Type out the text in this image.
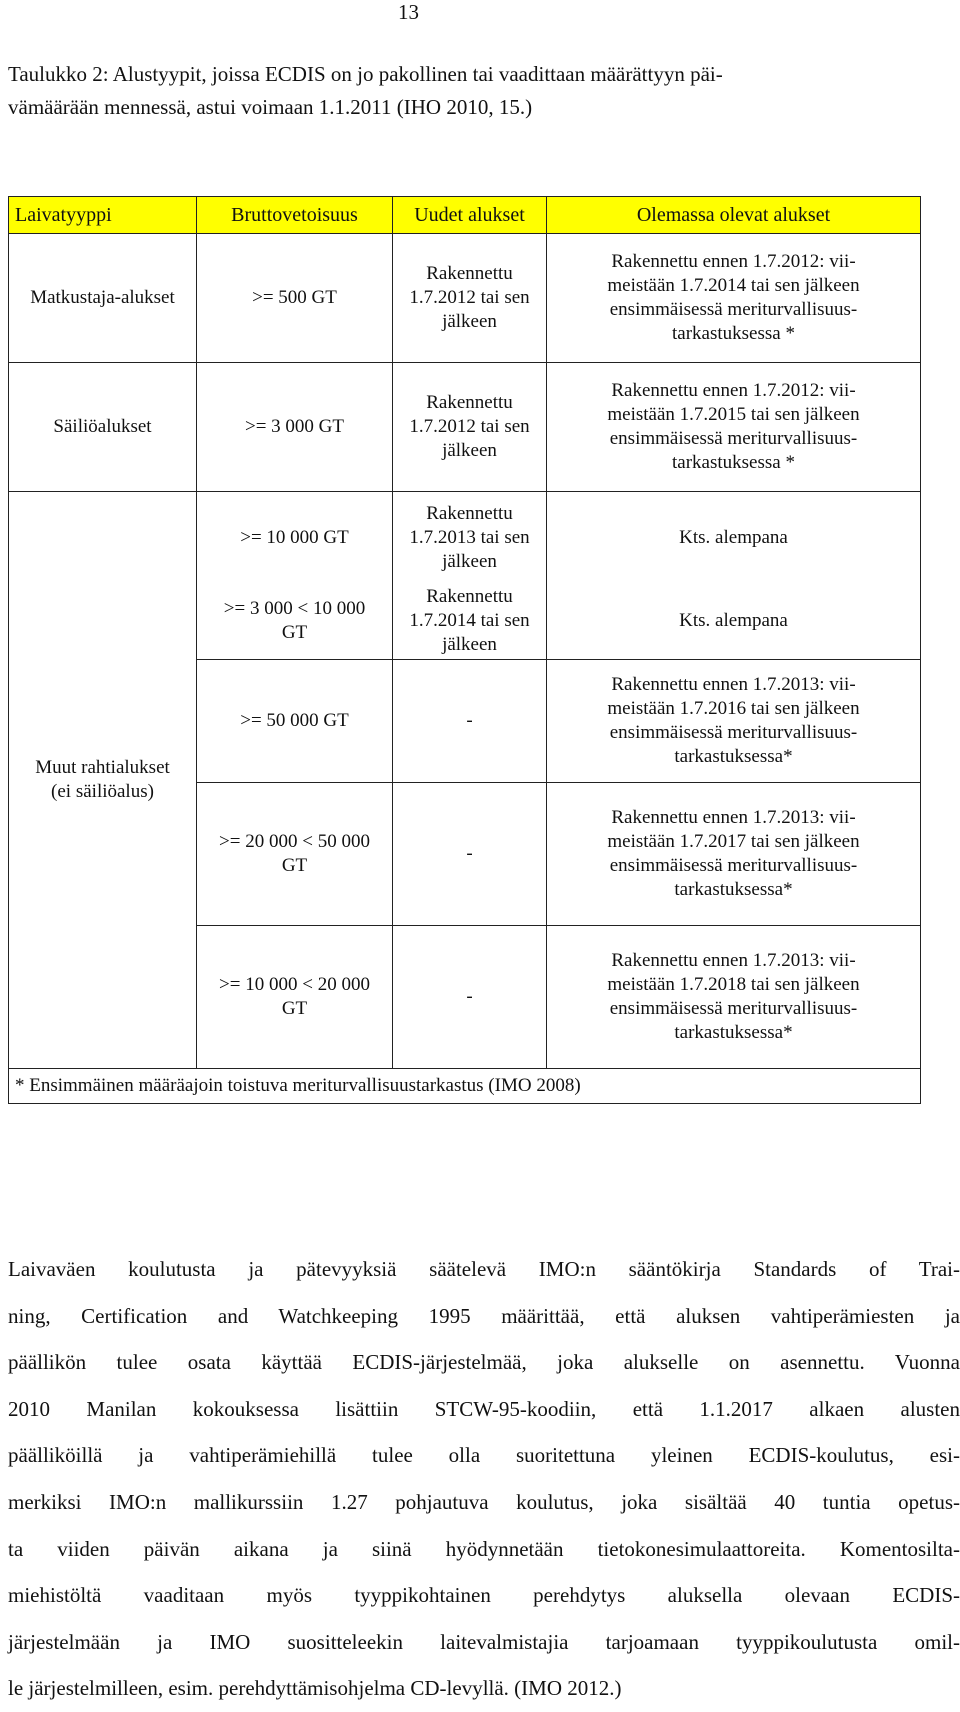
13
Taulukko 2: Alustyypit, joissa ECDIS on jo pakollinen tai vaadittaan määrättyyn päi-
vämäärään mennessä, astui voimaan 1.1.2011 (IHO 2010, 15.)
Laivatyyppi	Bruttovetoisuus	Uudet alukset	Olemassa olevat alukset
Matkustaja-alukset	>= 500 GT	Rakennettu
1.7.2012 tai sen
jälkeen	Rakennettu ennen 1.7.2012: vii-
meistään 1.7.2014 tai sen jälkeen
ensimmäisessä meriturvallisuus-
tarkastuksessa *

Säiliöalukset	>= 3 000 GT	Rakennettu
1.7.2012 tai sen
jälkeen	Rakennettu ennen 1.7.2012: vii-
meistään 1.7.2015 tai sen jälkeen
ensimmäisessä meriturvallisuus-
tarkastuksessa *

Muut rahtialukset
(ei säiliöalus)	>= 10 000 GT	Rakennettu
1.7.2013 tai sen
jälkeen	Kts. alempana

	>= 3 000 < 10 000
GT	Rakennettu
1.7.2014 tai sen
jälkeen	Kts. alempana
	>= 50 000 GT	-	Rakennettu ennen 1.7.2013: vii-
meistään 1.7.2016 tai sen jälkeen
ensimmäisessä meriturvallisuus-
tarkastuksessa*

	>= 20 000 < 50 000
GT	-	Rakennettu ennen 1.7.2013: vii-
meistään 1.7.2017 tai sen jälkeen
ensimmäisessä meriturvallisuus-
tarkastuksessa*

	>= 10 000 < 20 000
GT	-	Rakennettu ennen 1.7.2013: vii-
meistään 1.7.2018 tai sen jälkeen
ensimmäisessä meriturvallisuus-
tarkastuksessa*

* Ensimmäinen määräajoin toistuva meriturvallisuustarkastus (IMO 2008)			
Laivaväen koulutusta ja pätevyyksiä säätelevä IMO:n sääntökirja Standards of Trai-
ning, Certification and Watchkeeping 1995 määrittää, että aluksen vahtiperämiesten ja
päällikön tulee osata käyttää ECDIS-järjestelmää, joka alukselle on asennettu. Vuonna
2010 Manilan kokouksessa lisättiin STCW-95-koodiin, että 1.1.2017 alkaen alusten
päälliköillä ja vahtiperämiehillä tulee olla suoritettuna yleinen ECDIS-koulutus, esi-
merkiksi IMO:n mallikurssiin 1.27 pohjautuva koulutus, joka sisältää 40 tuntia opetus-
ta viiden päivän aikana ja siinä hyödynnetään tietokonesimulaattoreita. Komentosilta-
miehistöltä vaaditaan myös tyyppikohtainen perehdytys aluksella olevaan ECDIS-
järjestelmään ja IMO suositteleekin laitevalmistajia tarjoamaan tyyppikoulutusta omil-
le järjestelmilleen, esim. perehdyttämisohjelma CD-levyllä. (IMO 2012.)
